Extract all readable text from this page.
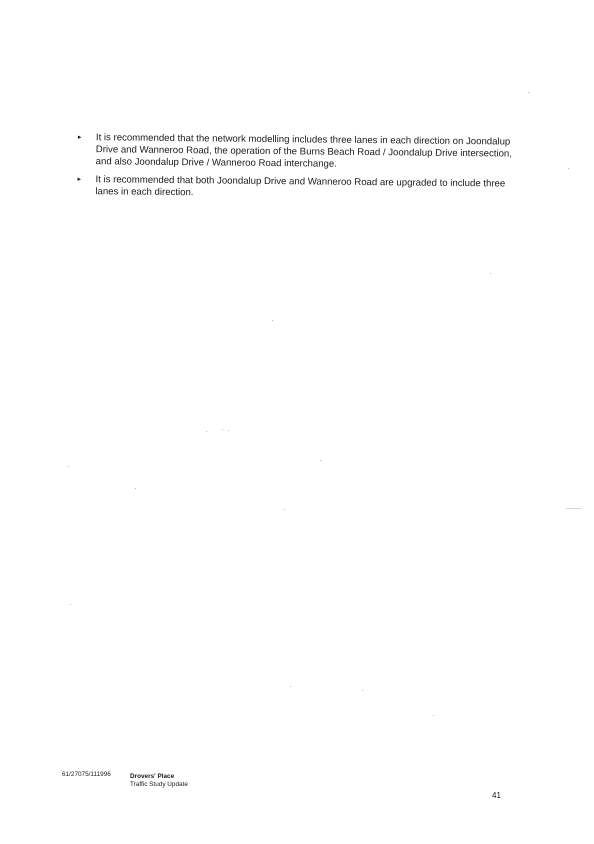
▸ It is recommended that the network modelling includes three lanes in each direction on Joondalup Drive and Wanneroo Road, the operation of the Burns Beach Road / Joondalup Drive intersection, and also Joondalup Drive / Wanneroo Road interchange.
▸ It is recommended that both Joondalup Drive and Wanneroo Road are upgraded to include three lanes in each direction.
61/27075/111996	Drovers' Place
Traffic Study Update
41
